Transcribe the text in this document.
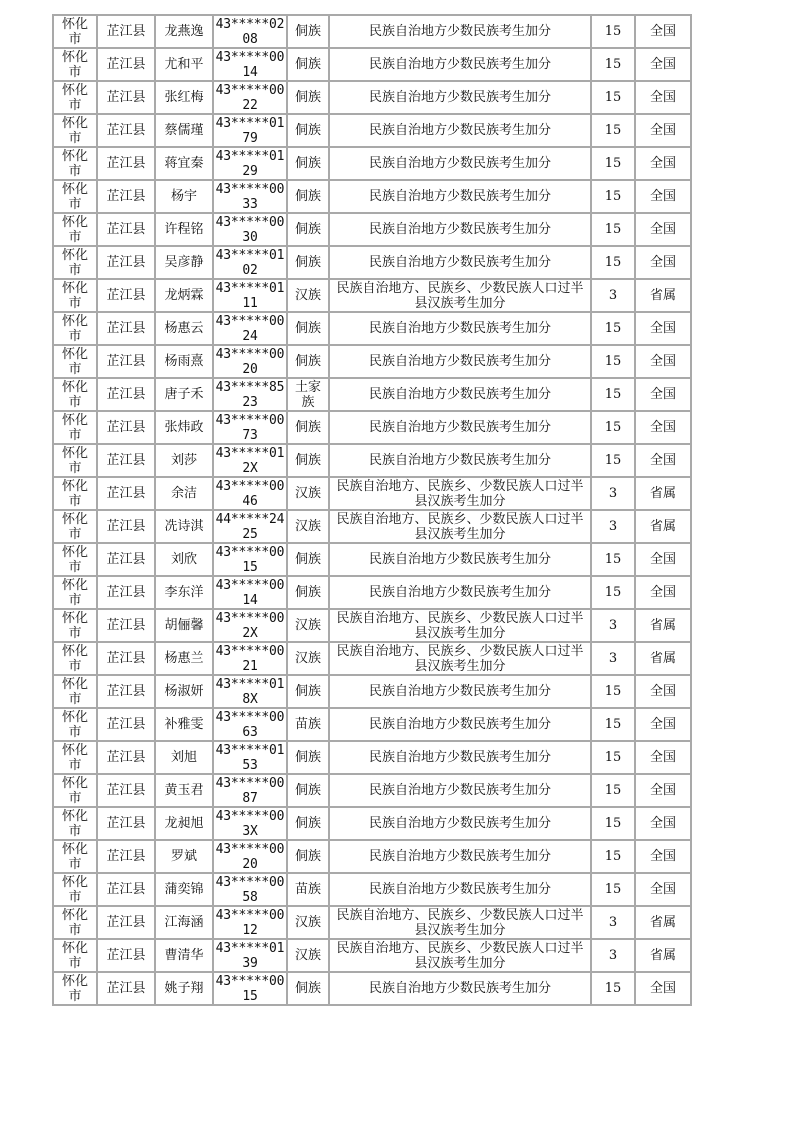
怀化市	芷江县	龙燕逸	43*****0208	侗族	民族自治地方少数民族考生加分	15	全国

怀化市	芷江县	尤和平	43*****0014	侗族	民族自治地方少数民族考生加分	15	全国

怀化市	芷江县	张红梅	43*****0022	侗族	民族自治地方少数民族考生加分	15	全国

怀化市	芷江县	蔡儒瑾	43*****0179	侗族	民族自治地方少数民族考生加分	15	全国

怀化市	芷江县	蒋宜秦	43*****0129	侗族	民族自治地方少数民族考生加分	15	全国

怀化市	芷江县	杨宇	43*****0033	侗族	民族自治地方少数民族考生加分	15	全国

怀化市	芷江县	许程铭	43*****0030	侗族	民族自治地方少数民族考生加分	15	全国

怀化市	芷江县	吴彦静	43*****0102	侗族	民族自治地方少数民族考生加分	15	全国

怀化市	芷江县	龙炳霖	43*****0111	汉族	民族自治地方、民族乡、少数民族人口过半县汉族考生加分	3	省属

怀化市	芷江县	杨惠云	43*****0024	侗族	民族自治地方少数民族考生加分	15	全国

怀化市	芷江县	杨雨熹	43*****0020	侗族	民族自治地方少数民族考生加分	15	全国

怀化市	芷江县	唐子禾	43*****8523	土家族	民族自治地方少数民族考生加分	15	全国

怀化市	芷江县	张炜政	43*****0073	侗族	民族自治地方少数民族考生加分	15	全国

怀化市	芷江县	刘莎	43*****012X	侗族	民族自治地方少数民族考生加分	15	全国

怀化市	芷江县	余洁	43*****0046	汉族	民族自治地方、民族乡、少数民族人口过半县汉族考生加分	3	省属

怀化市	芷江县	冼诗淇	44*****2425	汉族	民族自治地方、民族乡、少数民族人口过半县汉族考生加分	3	省属

怀化市	芷江县	刘欣	43*****0015	侗族	民族自治地方少数民族考生加分	15	全国

怀化市	芷江县	李东洋	43*****0014	侗族	民族自治地方少数民族考生加分	15	全国

怀化市	芷江县	胡俪馨	43*****002X	汉族	民族自治地方、民族乡、少数民族人口过半县汉族考生加分	3	省属

怀化市	芷江县	杨惠兰	43*****0021	汉族	民族自治地方、民族乡、少数民族人口过半县汉族考生加分	3	省属

怀化市	芷江县	杨淑妍	43*****018X	侗族	民族自治地方少数民族考生加分	15	全国

怀化市	芷江县	补雅雯	43*****0063	苗族	民族自治地方少数民族考生加分	15	全国

怀化市	芷江县	刘旭	43*****0153	侗族	民族自治地方少数民族考生加分	15	全国

怀化市	芷江县	黄玉君	43*****0087	侗族	民族自治地方少数民族考生加分	15	全国

怀化市	芷江县	龙昶旭	43*****003X	侗族	民族自治地方少数民族考生加分	15	全国

怀化市	芷江县	罗斌	43*****0020	侗族	民族自治地方少数民族考生加分	15	全国

怀化市	芷江县	蒲奕锦	43*****0058	苗族	民族自治地方少数民族考生加分	15	全国

怀化市	芷江县	江海涵	43*****0012	汉族	民族自治地方、民族乡、少数民族人口过半县汉族考生加分	3	省属

怀化市	芷江县	曹清华	43*****0139	汉族	民族自治地方、民族乡、少数民族人口过半县汉族考生加分	3	省属

怀化市	芷江县	姚子翔	43*****0015	侗族	民族自治地方少数民族考生加分	15	全国
